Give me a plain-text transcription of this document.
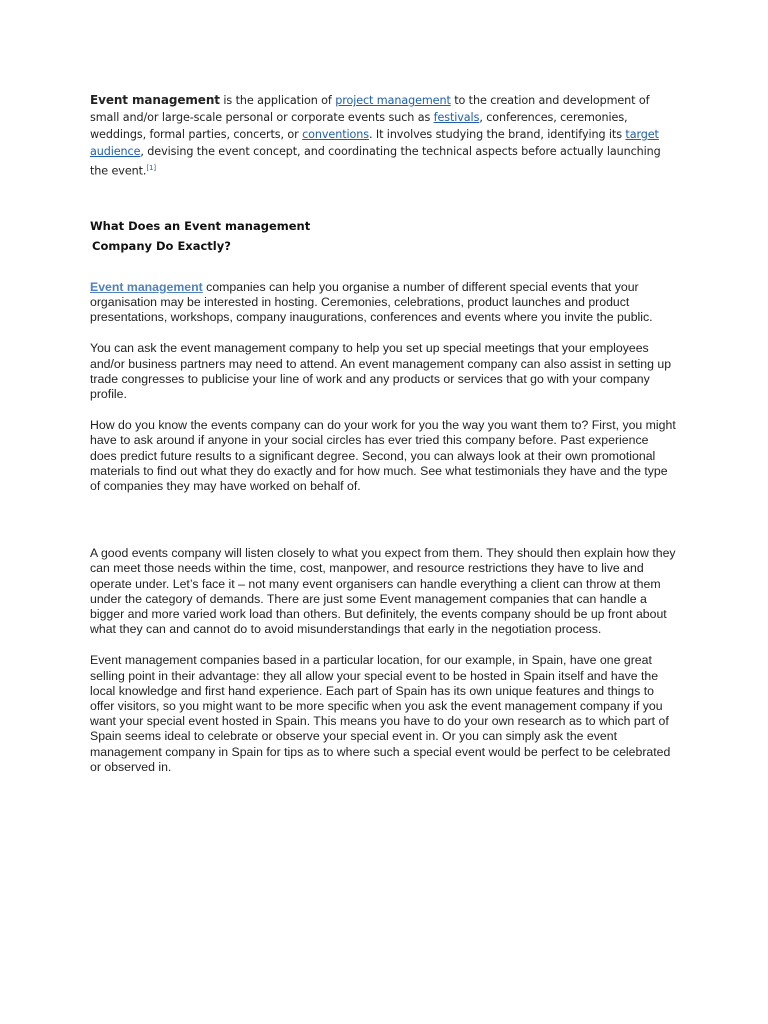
Event management is the application of project management to the creation and development of small and/or large-scale personal or corporate events such as festivals, conferences, ceremonies, weddings, formal parties, concerts, or conventions. It involves studying the brand, identifying its target audience, devising the event concept, and coordinating the technical aspects before actually launching the event.[1]

What Does an Event management
Company Do Exactly?

Event management companies can help you organise a number of different special events that your organisation may be interested in hosting. Ceremonies, celebrations, product launches and product presentations, workshops, company inaugurations, conferences and events where you invite the public.

You can ask the event management company to help you set up special meetings that your employees and/or business partners may need to attend. An event management company can also assist in setting up trade congresses to publicise your line of work and any products or services that go with your company profile.

How do you know the events company can do your work for you the way you want them to? First, you might have to ask around if anyone in your social circles has ever tried this company before. Past experience does predict future results to a significant degree. Second, you can always look at their own promotional materials to find out what they do exactly and for how much. See what testimonials they have and the type of companies they may have worked on behalf of.

A good events company will listen closely to what you expect from them. They should then explain how they can meet those needs within the time, cost, manpower, and resource restrictions they have to live and operate under. Let’s face it – not many event organisers can handle everything a client can throw at them under the category of demands. There are just some Event management companies that can handle a bigger and more varied work load than others. But definitely, the events company should be up front about what they can and cannot do to avoid misunderstandings that early in the negotiation process.

Event management companies based in a particular location, for our example, in Spain, have one great selling point in their advantage: they all allow your special event to be hosted in Spain itself and have the local knowledge and first hand experience. Each part of Spain has its own unique features and things to offer visitors, so you might want to be more specific when you ask the event management company if you want your special event hosted in Spain. This means you have to do your own research as to which part of Spain seems ideal to celebrate or observe your special event in. Or you can simply ask the event management company in Spain for tips as to where such a special event would be perfect to be celebrated or observed in.
